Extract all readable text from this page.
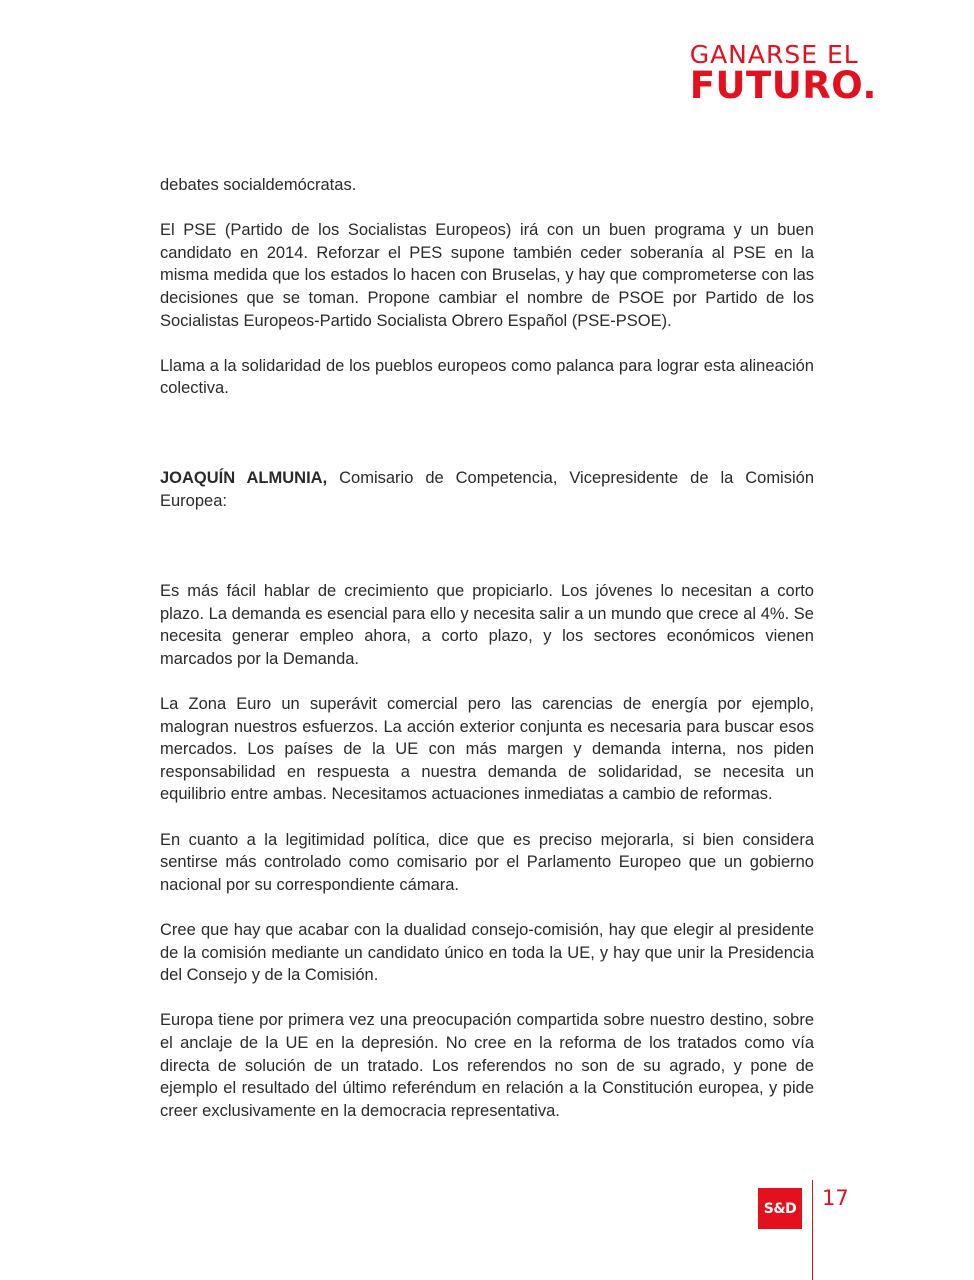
GANARSE EL
FUTURO.

debates socialdemócratas.

El PSE (Partido de los Socialistas Europeos) irá con un buen programa y un buen candidato en 2014. Reforzar el PES supone también ceder soberanía al PSE en la misma medida que los estados lo hacen con Bruselas, y hay que comprometerse con las decisiones que se toman. Propone cambiar el nombre de PSOE por Partido de los Socialistas Europeos-Partido Socialista Obrero Español (PSE-PSOE).

Llama a la solidaridad de los pueblos europeos como palanca para lograr esta alineación colectiva.

JOAQUÍN ALMUNIA, Comisario de Competencia, Vicepresidente de la Comisión Europea:

Es más fácil hablar de crecimiento que propiciarlo. Los jóvenes lo necesitan a corto plazo. La demanda es esencial para ello y necesita salir a un mundo que crece al 4%. Se necesita generar empleo ahora, a corto plazo, y los sectores económicos vienen marcados por la Demanda.

La Zona Euro un superávit comercial pero las carencias de energía por ejemplo, malogran nuestros esfuerzos. La acción exterior conjunta es necesaria para buscar esos mercados. Los países de la UE con más margen y demanda interna, nos piden responsabilidad en respuesta a nuestra demanda de solidaridad, se necesita un equilibrio entre ambas. Necesitamos actuaciones inmediatas a cambio de reformas.

En cuanto a la legitimidad política, dice que es preciso mejorarla, si bien considera sentirse más controlado como comisario por el Parlamento Europeo que un gobierno nacional por su correspondiente cámara.

Cree que hay que acabar con la dualidad consejo-comisión, hay que elegir al presidente de la comisión mediante un candidato único en toda la UE, y hay que unir la Presidencia del Consejo y de la Comisión.

Europa tiene por primera vez una preocupación compartida sobre nuestro destino, sobre el anclaje de la UE en la depresión. No cree en la reforma de los tratados como vía directa de solución de un tratado. Los referendos no son de su agrado, y pone de ejemplo el resultado del último referéndum en relación a la Constitución europea, y pide creer exclusivamente en la democracia representativa.

S&D 17
